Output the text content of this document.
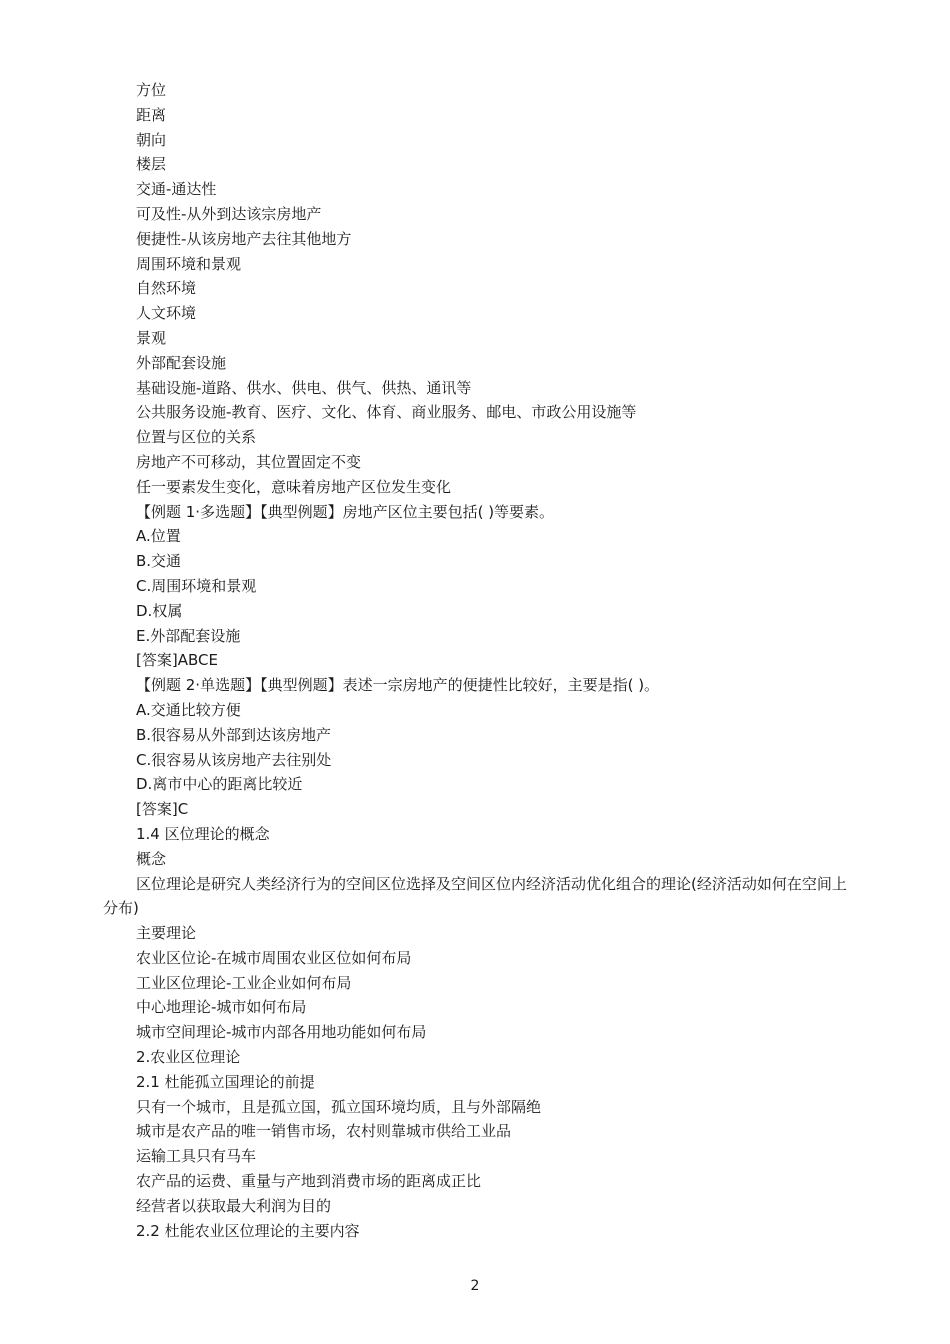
方位

距离

朝向

楼层

交通-通达性

可及性-从外到达该宗房地产

便捷性-从该房地产去往其他地方

周围环境和景观

自然环境

人文环境

景观

外部配套设施

基础设施-道路、供水、供电、供气、供热、通讯等

公共服务设施-教育、医疗、文化、体育、商业服务、邮电、市政公用设施等

位置与区位的关系

房地产不可移动，其位置固定不变

任一要素发生变化，意味着房地产区位发生变化

【例题 1·多选题】【典型例题】房地产区位主要包括( )等要素。

A.位置

B.交通

C.周围环境和景观

D.权属

E.外部配套设施

[答案]ABCE

【例题 2·单选题】【典型例题】表述一宗房地产的便捷性比较好，主要是指( )。

A.交通比较方便

B.很容易从外部到达该房地产

C.很容易从该房地产去往别处

D.离市中心的距离比较近

[答案]C

1.4 区位理论的概念

概念

区位理论是研究人类经济行为的空间区位选择及空间区位内经济活动优化组合的理论(经济活动如何在空间上分布)

主要理论

农业区位论-在城市周围农业区位如何布局

工业区位理论-工业企业如何布局

中心地理论-城市如何布局

城市空间理论-城市内部各用地功能如何布局

2.农业区位理论

2.1 杜能孤立国理论的前提

只有一个城市，且是孤立国，孤立国环境均质，且与外部隔绝

城市是农产品的唯一销售市场，农村则靠城市供给工业品

运输工具只有马车

农产品的运费、重量与产地到消费市场的距离成正比

经营者以获取最大利润为目的

2.2 杜能农业区位理论的主要内容

2
